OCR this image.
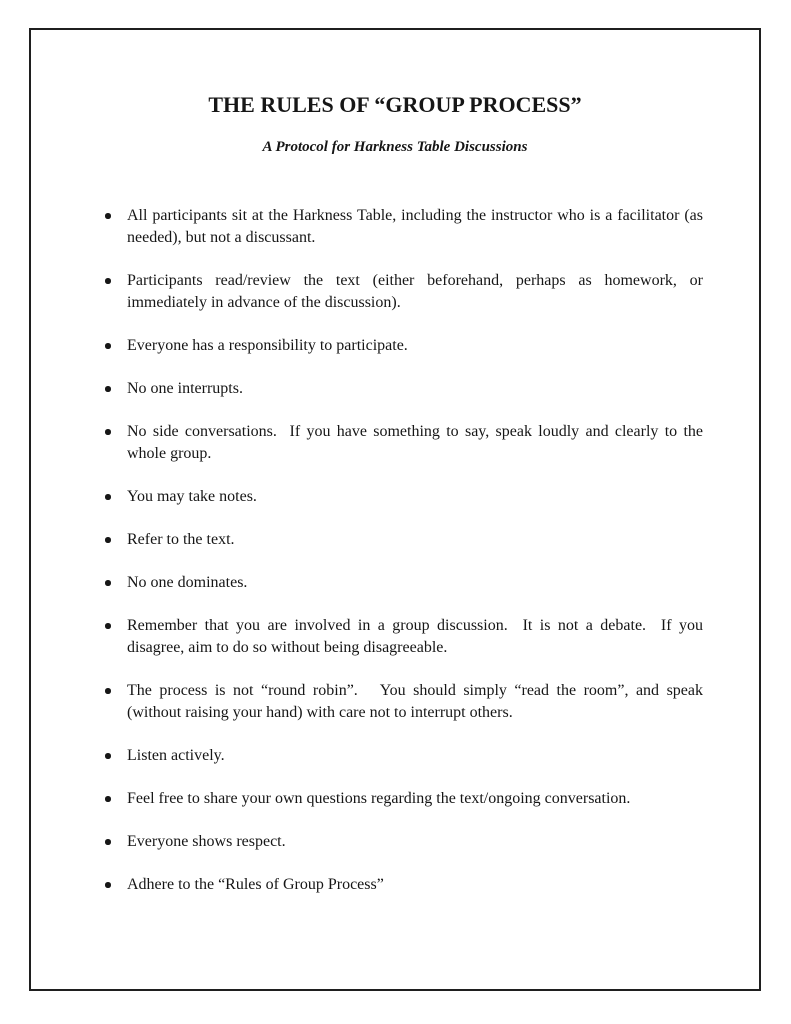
THE RULES OF “GROUP PROCESS”
A Protocol for Harkness Table Discussions
All participants sit at the Harkness Table, including the instructor who is a facilitator (as needed), but not a discussant.
Participants read/review the text (either beforehand, perhaps as homework, or immediately in advance of the discussion).
Everyone has a responsibility to participate.
No one interrupts.
No side conversations.  If you have something to say, speak loudly and clearly to the whole group.
You may take notes.
Refer to the text.
No one dominates.
Remember that you are involved in a group discussion.  It is not a debate.  If you disagree, aim to do so without being disagreeable.
The process is not “round robin”.   You should simply “read the room”, and speak (without raising your hand) with care not to interrupt others.
Listen actively.
Feel free to share your own questions regarding the text/ongoing conversation.
Everyone shows respect.
Adhere to the “Rules of Group Process”
